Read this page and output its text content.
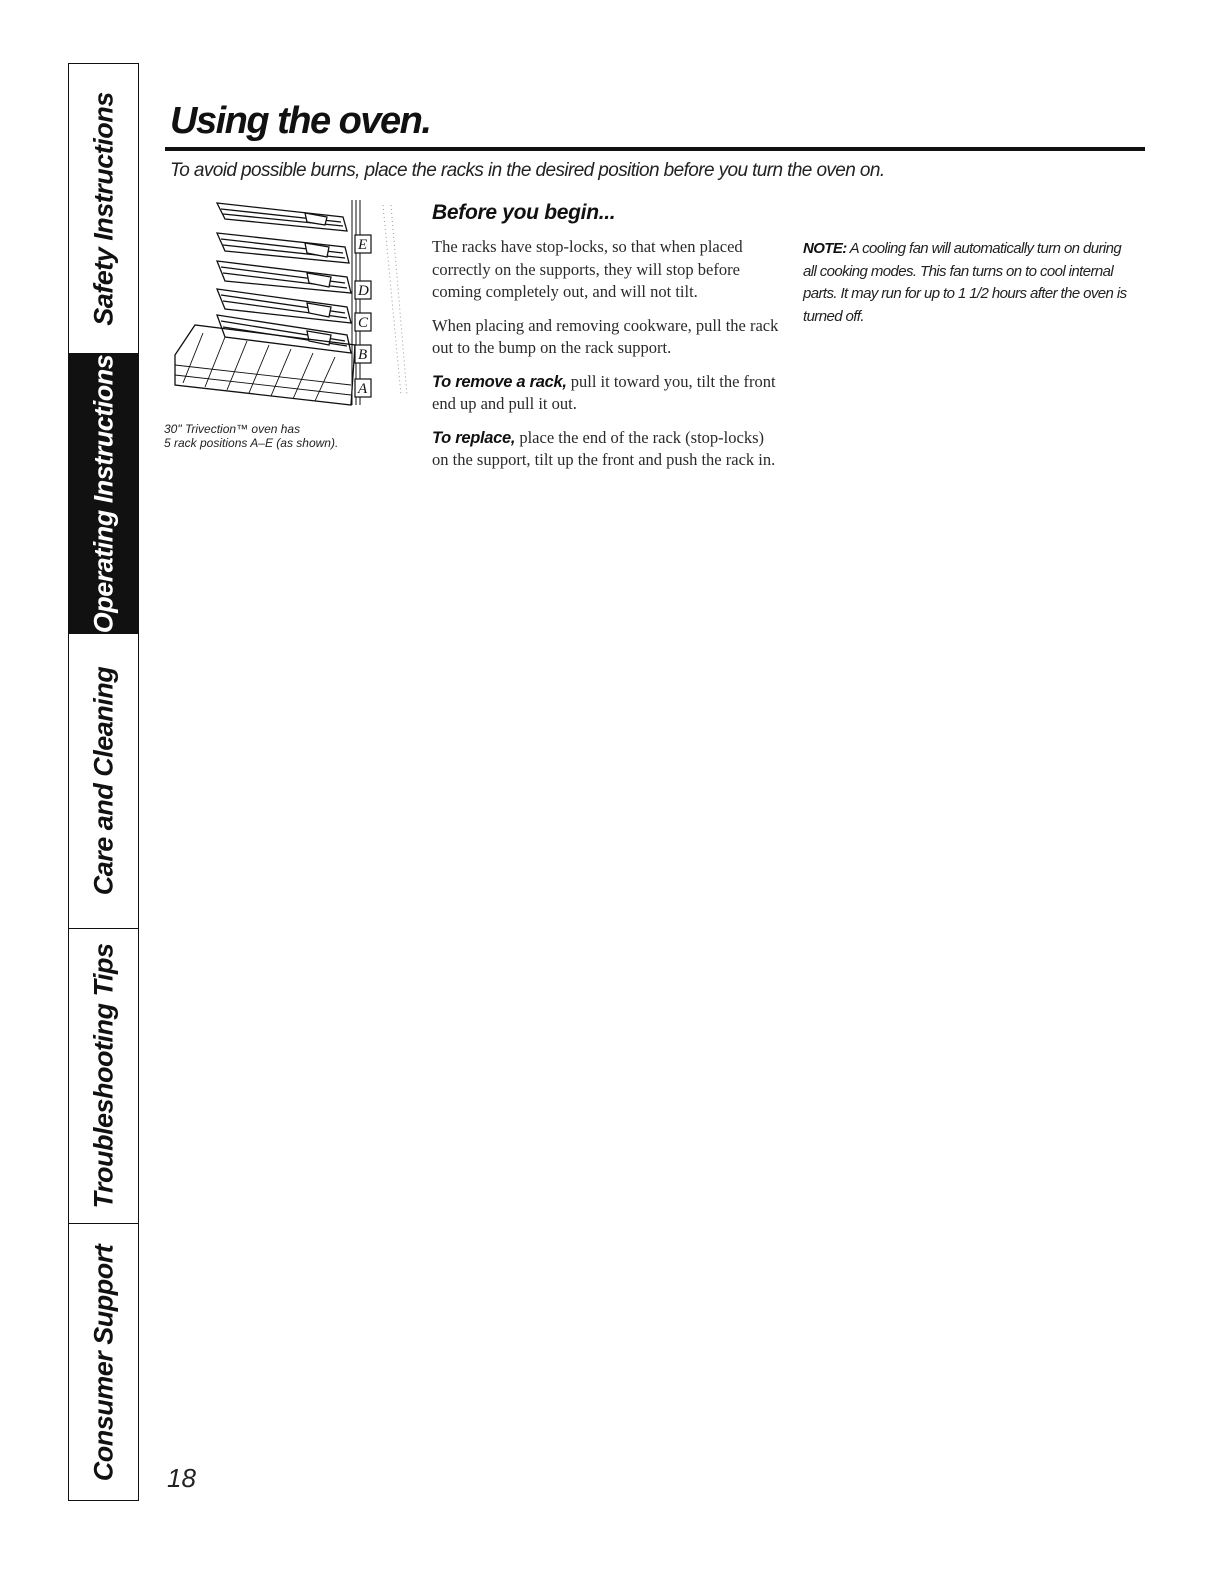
Safety Instructions
Operating Instructions
Care and Cleaning
Troubleshooting Tips
Consumer Support
Using the oven.
To avoid possible burns, place the racks in the desired position before you turn the oven on.
E
D
C
B
A
30" Trivection™ oven has
5 rack positions A–E (as shown).
Before you begin...

The racks have stop-locks, so that when placed correctly on the supports, they will stop before coming completely out, and will not tilt.

When placing and removing cookware, pull the rack out to the bump on the rack support.

To remove a rack, pull it toward you, tilt the front end up and pull it out.

To replace, place the end of the rack (stop-locks) on the support, tilt up the front and push the rack in.

NOTE: A cooling fan will automatically turn on during all cooking modes. This fan turns on to cool internal parts. It may run for up to 1 1/2 hours after the oven is turned off.
18
